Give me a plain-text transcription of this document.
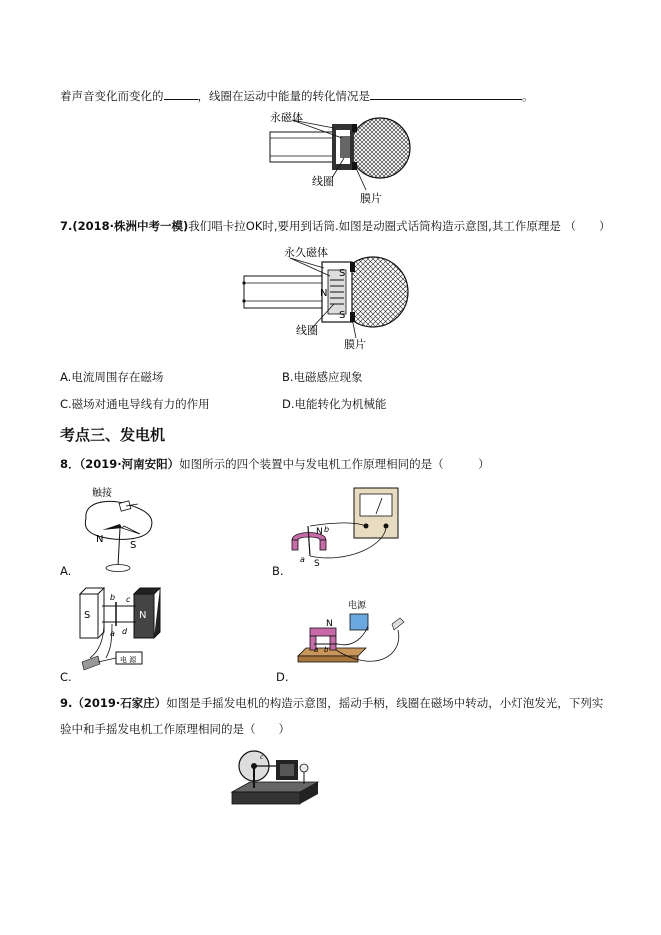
着声音变化而变化的	，线圈在运动中能量的转化情况是	。
永磁体
线圈
膜片
7.(2018·株洲中考一模)我们唱卡拉OK时,要用到话筒.如图是动圈式话筒构造示意图,其工作原理是 （　　）
S
S
N
永久磁体
线圈
膜片
A.电流周围存在磁场	B.电磁感应现象
C.磁场对通电导线有力的作用	D.电能转化为机械能
考点三、发电机
8．（2019·河南安阳）如图所示的四个装置中与发电机工作原理相同的是（　　　）
N
S
触接
A.
N
S
b
a
B.
S	N
b c
a d
电 源
C.
电源
N
a b
D.
9.（2019·石家庄）如图是手摇发电机的构造示意图，摇动手柄，线圈在磁场中转动，小灯泡发光，下列实
验中和手摇发电机工作原理相同的是（　　）
c
